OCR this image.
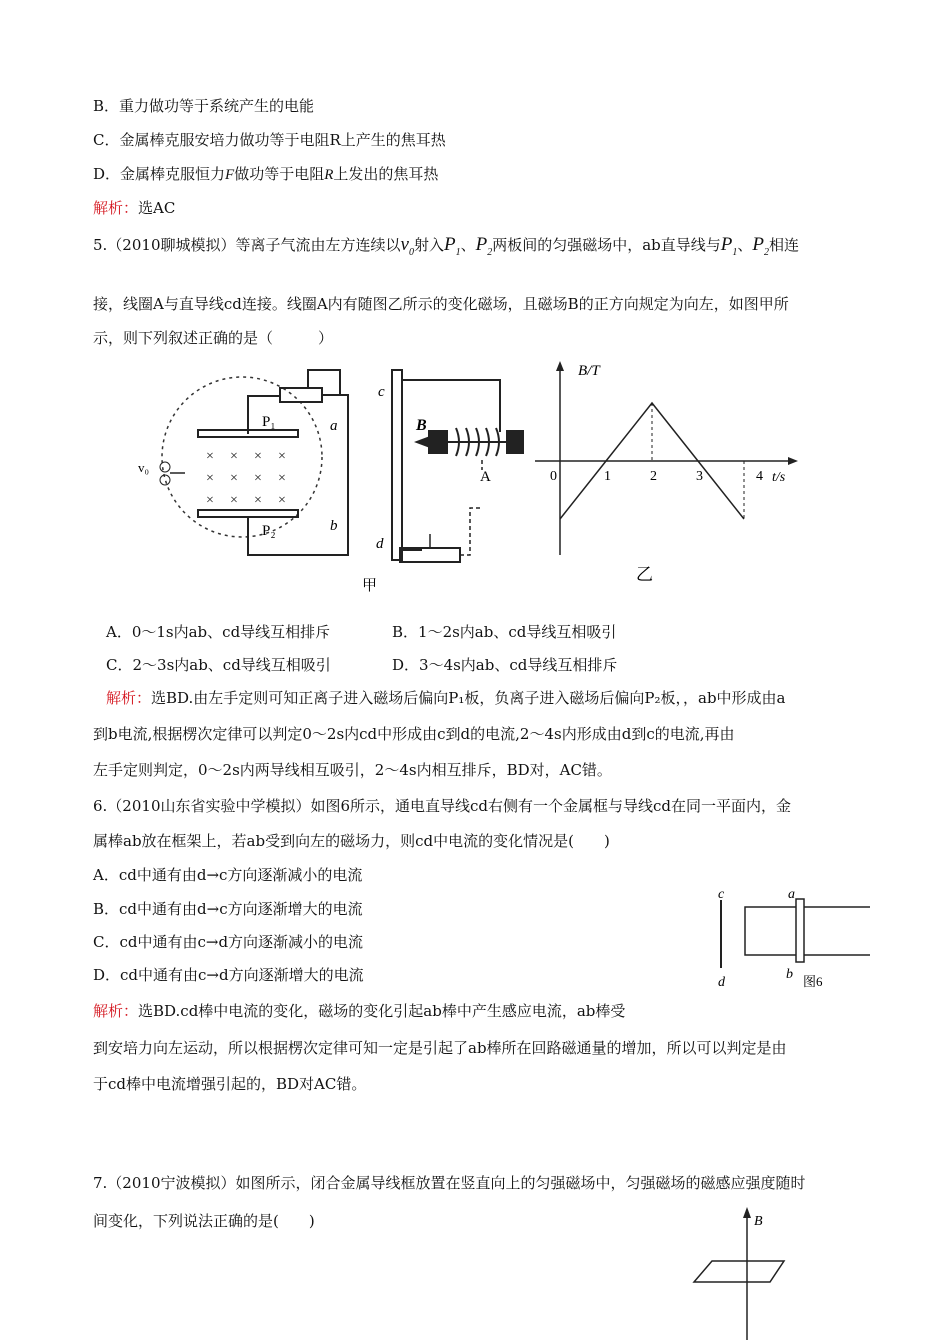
B．重力做功等于系统产生的电能
C．金属棒克服安培力做功等于电阻R上产生的焦耳热
D．金属棒克服恒力F做功等于电阻R上发出的焦耳热
解析：选AC
5.（2010聊城模拟）等离子气流由左方连续以$v_0$射入$P_1$、$P_2$两板间的匀强磁场中，ab直导线与$P_1$、$P_2$相连
接，线圈A与直导线cd连接。线圈A内有随图乙所示的变化磁场，且磁场B的正方向规定为向左，如图甲所
示，则下列叙述正确的是（　　　）
P₁
P₂
× × × ×
× × × ×
× × × ×
v₀
a
b
甲
c
d
B
A
B/T
t/s
0	1	2	3	4
乙
A．0～1s内ab、cd导线互相排斥	B．1～2s内ab、cd导线互相吸引
C．2～3s内ab、cd导线互相吸引	D．3～4s内ab、cd导线互相排斥
解析：选BD.由左手定则可知正离子进入磁场后偏向P₁板，负离子进入磁场后偏向P₂板，，ab中形成由a
到b电流,根据楞次定律可以判定0～2s内cd中形成由c到d的电流,2～4s内形成由d到c的电流,再由
左手定则判定，0～2s内两导线相互吸引，2～4s内相互排斥，BD对，AC错。
6.（2010山东省实验中学模拟）如图6所示，通电直导线cd右侧有一个金属框与导线cd在同一平面内，金
属棒ab放在框架上，若ab受到向左的磁场力，则cd中电流的变化情况是(　　)
A．cd中通有由d→c方向逐渐减小的电流
B．cd中通有由d→c方向逐渐增大的电流
C．cd中通有由c→d方向逐渐减小的电流
D．cd中通有由c→d方向逐渐增大的电流
c
d
a
b 图6
解析：选BD.cd棒中电流的变化，磁场的变化引起ab棒中产生感应电流，ab棒受
到安培力向左运动，所以根据楞次定律可知一定是引起了ab棒所在回路磁通量的增加，所以可以判定是由
于cd棒中电流增强引起的，BD对AC错。
7.（2010宁波模拟）如图所示，闭合金属导线框放置在竖直向上的匀强磁场中，匀强磁场的磁感应强度随时
间变化，下列说法正确的是(　　)	B
